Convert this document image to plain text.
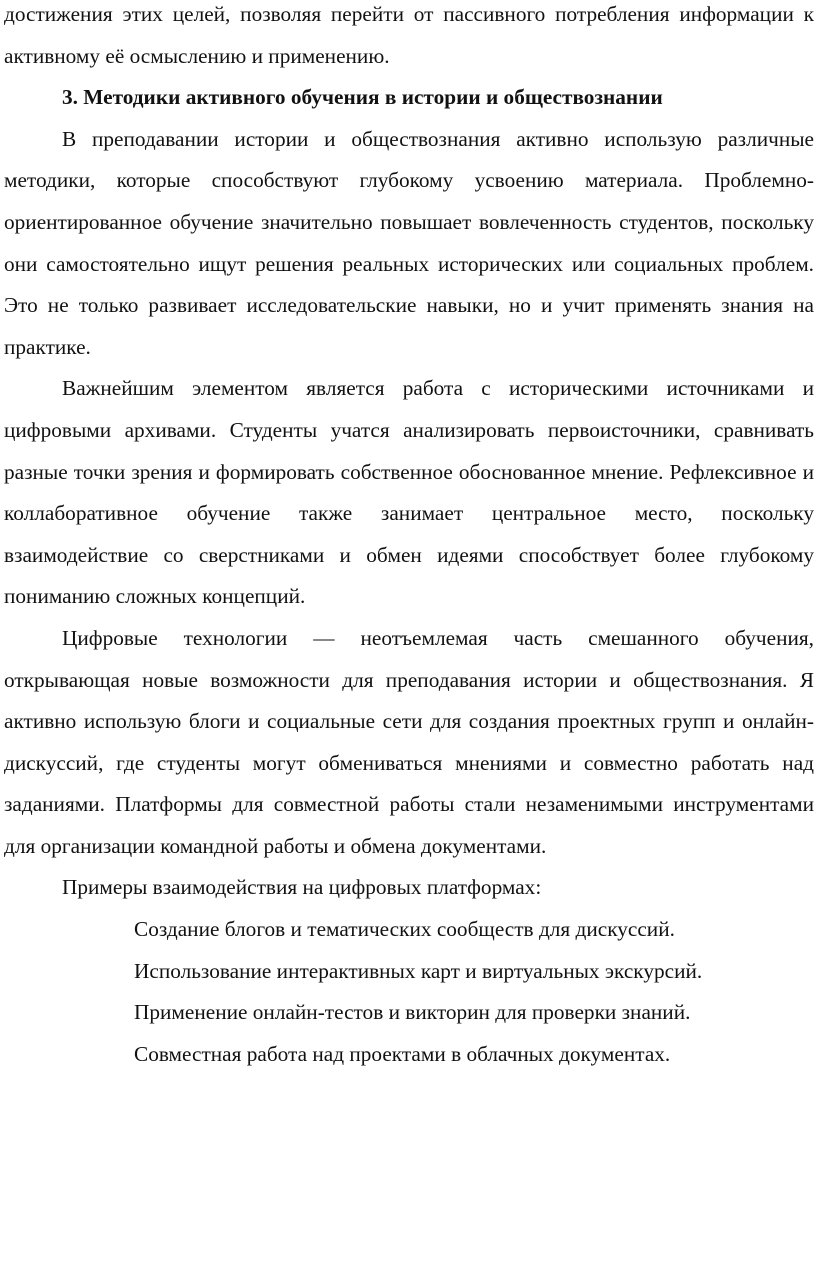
достижения этих целей, позволяя перейти от пассивного потребления информации к активному её осмыслению и применению.

3. Методики активного обучения в истории и обществознании

В преподавании истории и обществознания активно использую различные методики, которые способствуют глубокому усвоению материала. Проблемно-ориентированное обучение значительно повышает вовлеченность студентов, поскольку они самостоятельно ищут решения реальных исторических или социальных проблем. Это не только развивает исследовательские навыки, но и учит применять знания на практике.

Важнейшим элементом является работа с историческими источниками и цифровыми архивами. Студенты учатся анализировать первоисточники, сравнивать разные точки зрения и формировать собственное обоснованное мнение. Рефлексивное и коллаборативное обучение также занимает центральное место, поскольку взаимодействие со сверстниками и обмен идеями способствует более глубокому пониманию сложных концепций.

Цифровые технологии — неотъемлемая часть смешанного обучения, открывающая новые возможности для преподавания истории и обществознания. Я активно использую блоги и социальные сети для создания проектных групп и онлайн-дискуссий, где студенты могут обмениваться мнениями и совместно работать над заданиями. Платформы для совместной работы стали незаменимыми инструментами для организации командной работы и обмена документами.

Примеры взаимодействия на цифровых платформах:

Создание блогов и тематических сообществ для дискуссий.
Использование интерактивных карт и виртуальных экскурсий.
Применение онлайн-тестов и викторин для проверки знаний.
Совместная работа над проектами в облачных документах.
